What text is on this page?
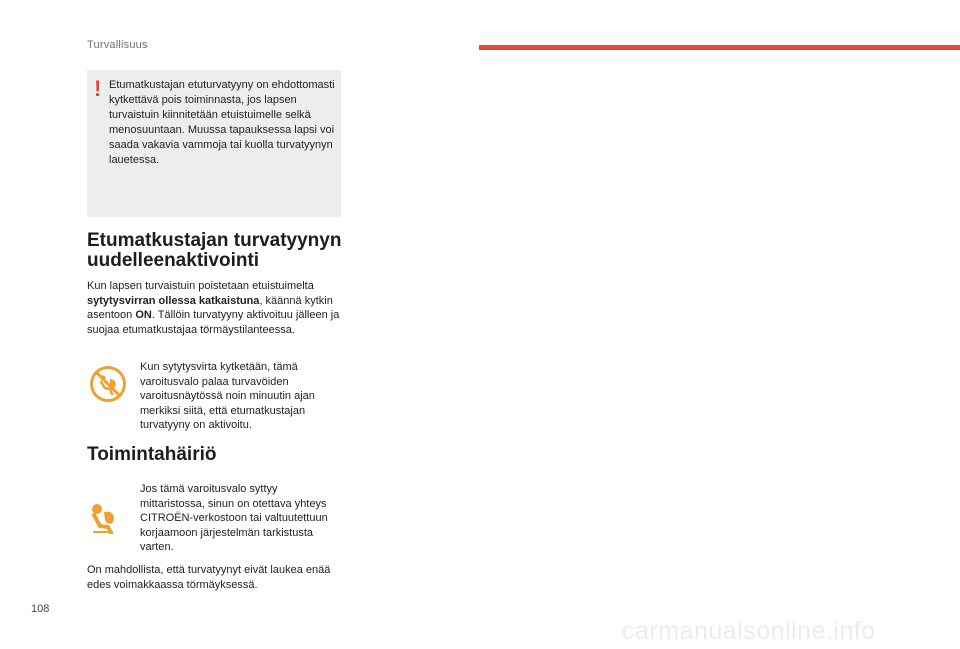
Turvallisuus
! Etumatkustajan etuturvatyyny on ehdottomasti kytkettävä pois toiminnasta, jos lapsen turvaistuin kiinnitetään etuistuimelle selkä menosuuntaan. Muussa tapauksessa lapsi voi saada vakavia vammoja tai kuolla turvatyynyn lauetessa.
Etumatkustajan turvatyynyn uudelleenaktivointi
Kun lapsen turvaistuin poistetaan etuistuimelta sytytysvirran ollessa katkaistuna, käännä kytkin asentoon ON. Tällöin turvatyyny aktivoituu jälleen ja suojaa etumatkustajaa törmäystilanteessa.
Kun sytytysvirta kytketään, tämä varoitusvalo palaa turvavöiden varoitusnäytössä noin minuutin ajan merkiksi siitä, että etumatkustajan turvatyyny on aktivoitu.
Toimintahäiriö
Jos tämä varoitusvalo syttyy mittaristossa, sinun on otettava yhteys CITROËN-verkostoon tai valtuutettuun korjaamoon järjestelmän tarkistusta varten.
On mahdollista, että turvatyynyt eivät laukea enää edes voimakkaassa törmäyksessä.
108
carmanualsonline.info
